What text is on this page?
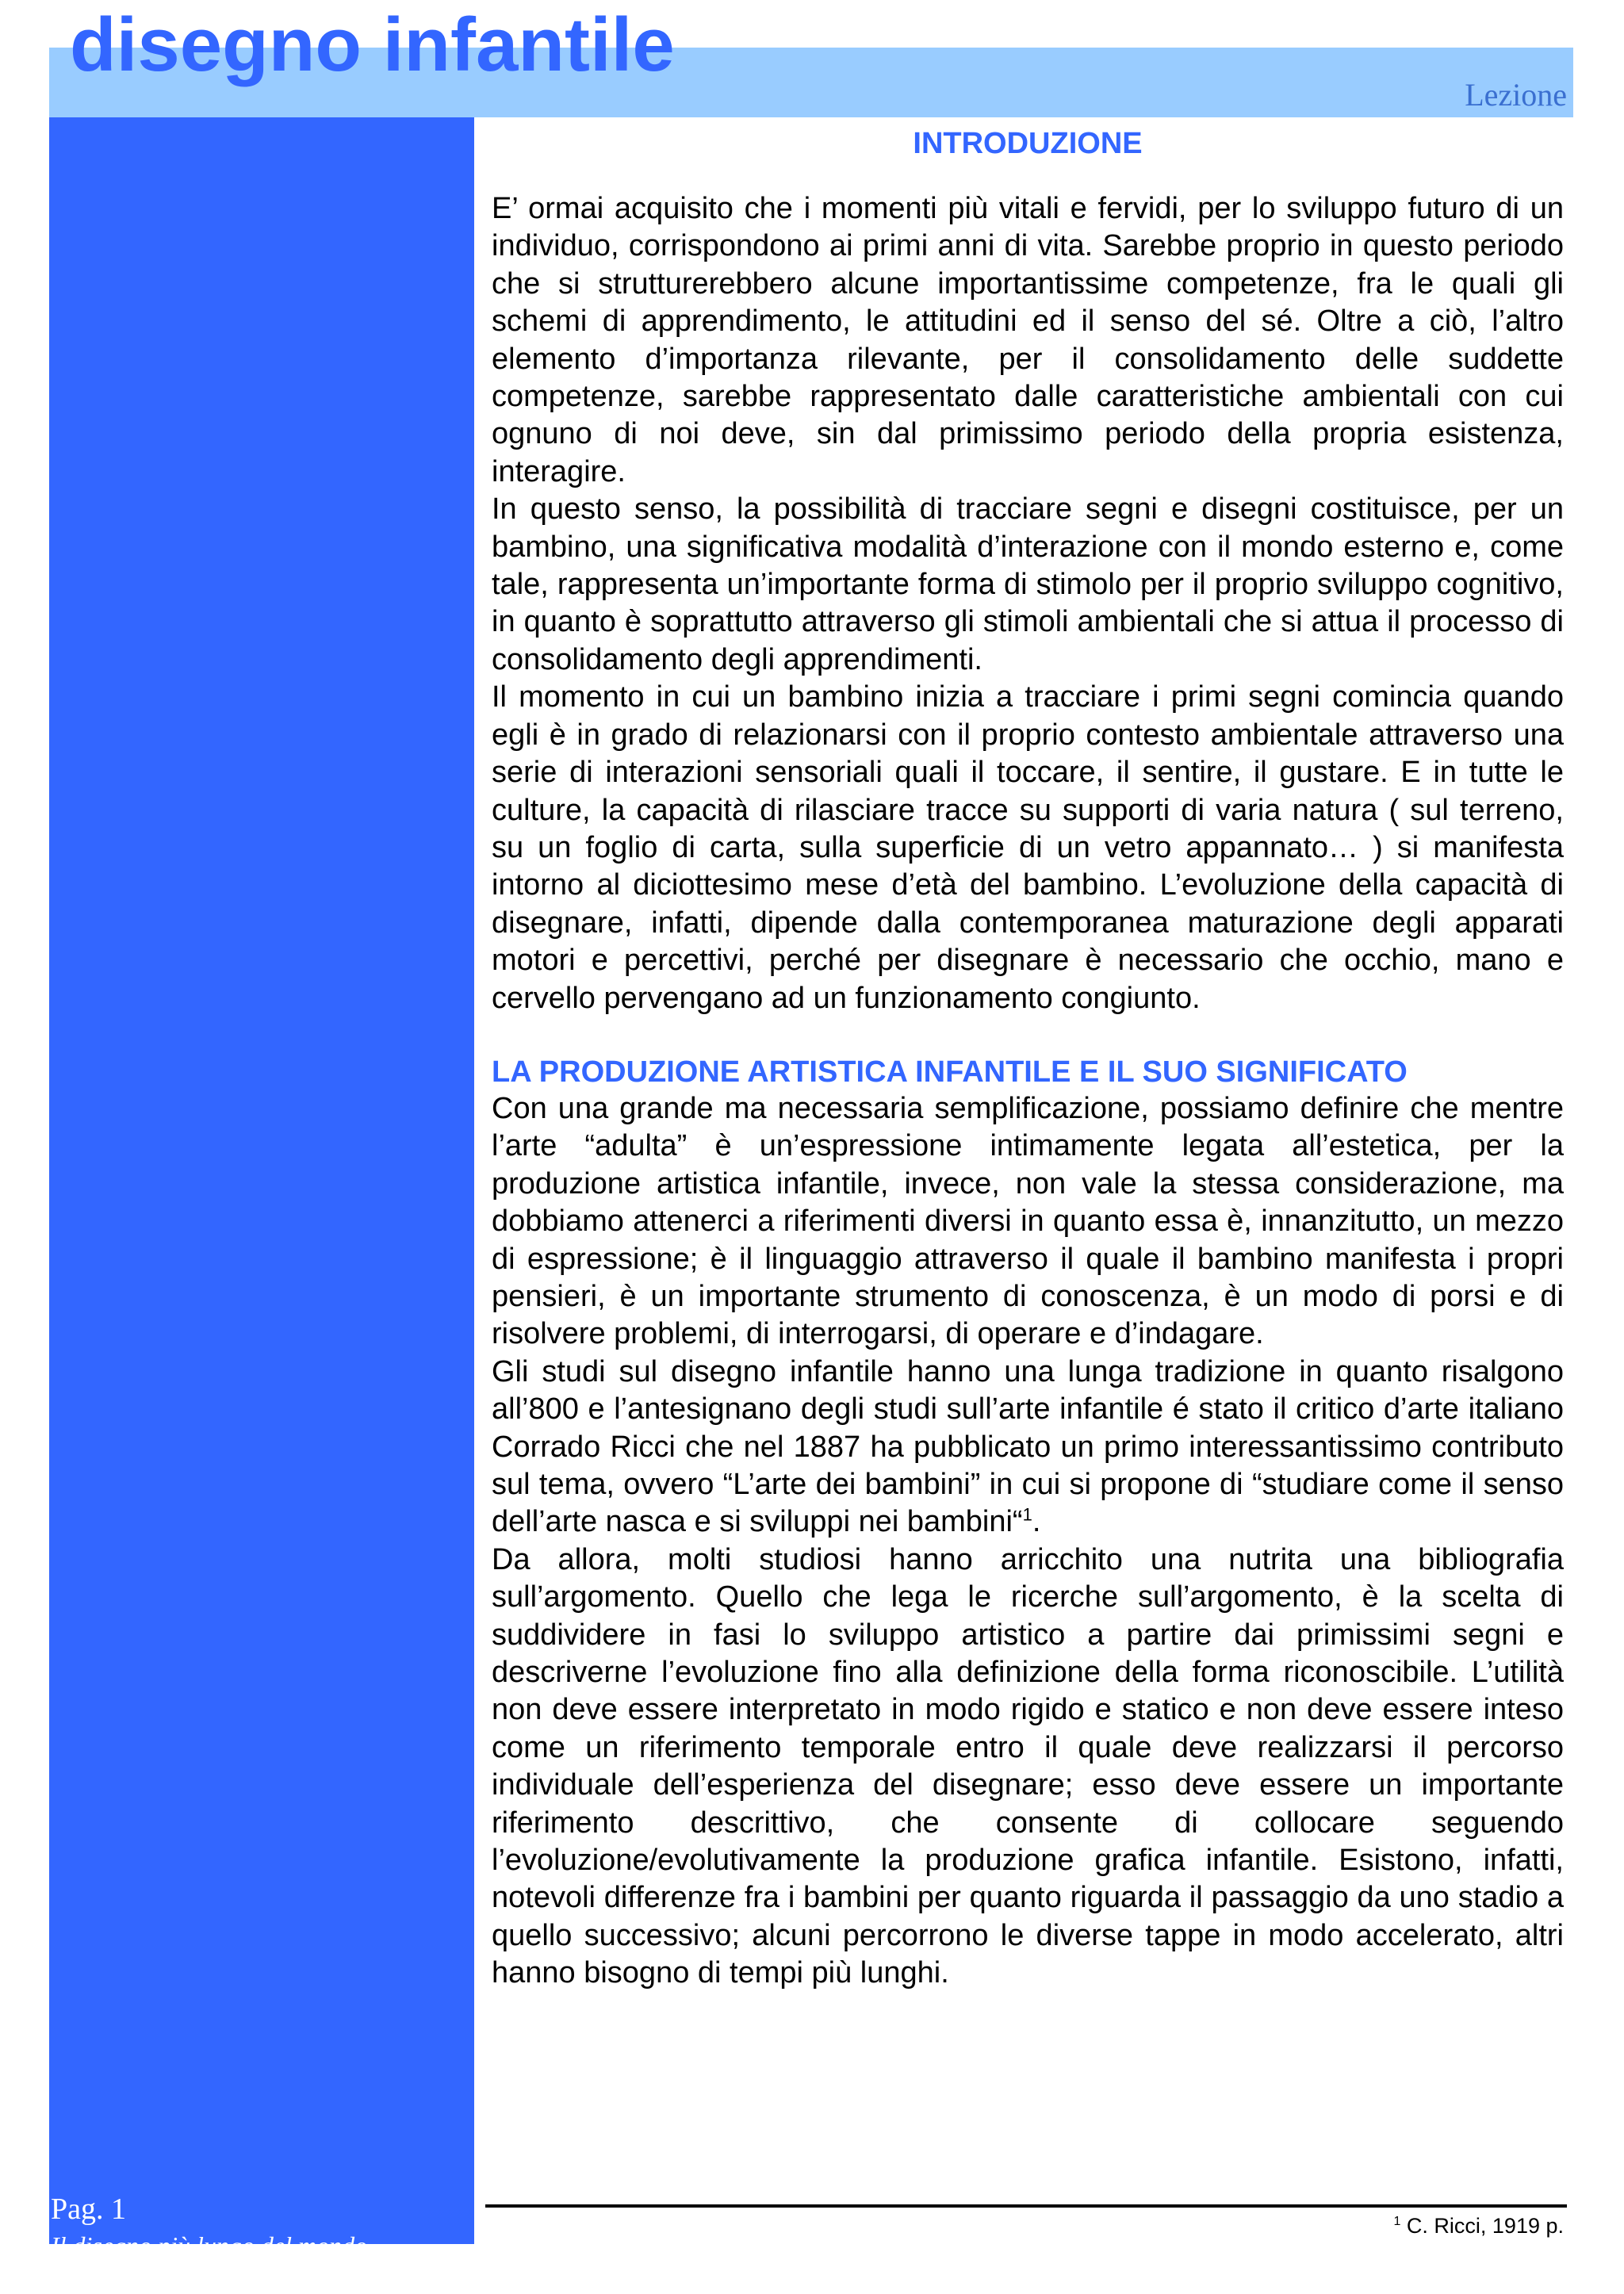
disegno infantile
Lezione
Pag. 1
Il disegno più lungo del mondo
INTRODUZIONE

E’ ormai acquisito che i momenti più vitali e fervidi, per lo sviluppo futuro di un individuo, corrispondono ai primi anni di vita. Sarebbe proprio in questo periodo che si strutturerebbero alcune importantissime competenze, fra le quali gli schemi di apprendimento, le attitudini ed il senso del sé. Oltre a ciò, l’altro elemento d’importanza rilevante, per il consolidamento delle suddette competenze, sarebbe rappresentato dalle caratteristiche ambientali con cui ognuno di noi deve, sin dal primissimo periodo della propria esistenza, interagire.

In questo senso, la possibilità di tracciare segni e disegni costituisce, per un bambino, una significativa modalità d’interazione con il mondo esterno e, come tale, rappresenta un’importante forma di stimolo per il proprio sviluppo cognitivo, in quanto è soprattutto attraverso gli stimoli ambientali che si attua il processo di consolidamento degli apprendimenti.

Il momento in cui un bambino inizia a tracciare i primi segni comincia quando egli è in grado di relazionarsi con il proprio contesto ambientale attraverso una serie di interazioni sensoriali quali il toccare, il sentire, il gustare. E in tutte le culture, la capacità di rilasciare tracce su supporti di varia natura ( sul terreno, su un foglio di carta, sulla superficie di un vetro appannato… ) si manifesta intorno al diciottesimo mese d’età del bambino. L’evoluzione della capacità di disegnare, infatti, dipende dalla contemporanea maturazione degli apparati motori e percettivi, perché per disegnare è necessario che occhio, mano e cervello pervengano ad un funzionamento congiunto.

LA PRODUZIONE ARTISTICA INFANTILE E IL SUO SIGNIFICATO

Con una grande ma necessaria semplificazione, possiamo definire che mentre l’arte “adulta” è un’espressione intimamente legata all’estetica, per la produzione artistica infantile, invece, non vale la stessa considerazione, ma dobbiamo attenerci a riferimenti diversi in quanto essa è, innanzitutto, un mezzo di espressione; è il linguaggio attraverso il quale il bambino manifesta i propri pensieri, è un importante strumento di conoscenza, è un modo di porsi e di risolvere problemi, di interrogarsi, di operare e d’indagare.

Gli studi sul disegno infantile hanno una lunga tradizione in quanto risalgono all’800 e l’antesignano degli studi sull’arte infantile é stato il critico d’arte italiano Corrado Ricci che nel 1887 ha pubblicato un primo interessantissimo contributo sul tema, ovvero “L’arte dei bambini” in cui si propone di “studiare come il senso dell’arte nasca e si sviluppi nei bambini“$^1$.

Da allora, molti studiosi hanno arricchito una nutrita una bibliografia sull’argomento. Quello che lega le ricerche sull’argomento, è la scelta di suddividere in fasi lo sviluppo artistico a partire dai primissimi segni e descriverne l’evoluzione fino alla definizione della forma riconoscibile. L’utilità non deve essere interpretato in modo rigido e statico e non deve essere inteso come un riferimento temporale entro il quale deve realizzarsi il percorso individuale dell’esperienza del disegnare; esso deve essere un importante riferimento descrittivo, che consente di collocare seguendo l’evoluzione/evolutivamente la produzione grafica infantile. Esistono, infatti, notevoli differenze fra i bambini per quanto riguarda il passaggio da uno stadio a quello successivo; alcuni percorrono le diverse tappe in modo accelerato, altri hanno bisogno di tempi più lunghi.

$^1$ C. Ricci, 1919 p.
